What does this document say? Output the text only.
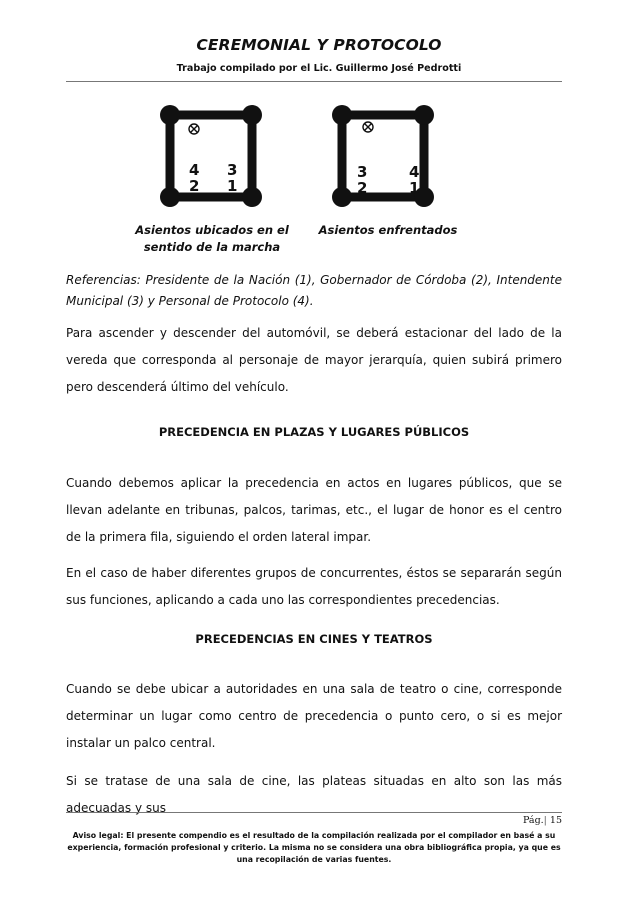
CEREMONIAL Y PROTOCOLO
Trabajo compilado por el Lic. Guillermo José Pedrotti
4
2
3
1
3
2
4
1
Asientos ubicados en el sentido de la marcha
Asientos enfrentados
Referencias: Presidente de la Nación (1), Gobernador de Córdoba (2), Intendente Municipal (3) y Personal de Protocolo (4).
Para ascender y descender del automóvil, se deberá estacionar del lado de la vereda que corresponda al personaje de mayor jerarquía, quien subirá primero pero descenderá último del vehículo.
PRECEDENCIA EN PLAZAS Y LUGARES PÚBLICOS
Cuando debemos aplicar la precedencia en actos en lugares públicos, que se llevan adelante en tribunas, palcos, tarimas, etc., el lugar de honor es el centro de la primera fila, siguiendo el orden lateral impar.
En el caso de haber diferentes grupos de concurrentes, éstos se separarán según sus funciones, aplicando a cada uno las correspondientes precedencias.
PRECEDENCIAS EN CINES Y TEATROS
Cuando se debe ubicar a autoridades en una sala de teatro o cine, corresponde determinar un lugar como centro de precedencia o punto cero, o si es mejor instalar un palco central.
Si se tratase de una sala de cine, las plateas situadas en alto son las más adecuadas y sus
Pág.| 15
Aviso legal: El presente compendio es el resultado de la compilación realizada por el compilador en basé a su experiencia, formación profesional y criterio. La misma no se considera una obra bibliográfica propia, ya que es una recopilación de varias fuentes.
